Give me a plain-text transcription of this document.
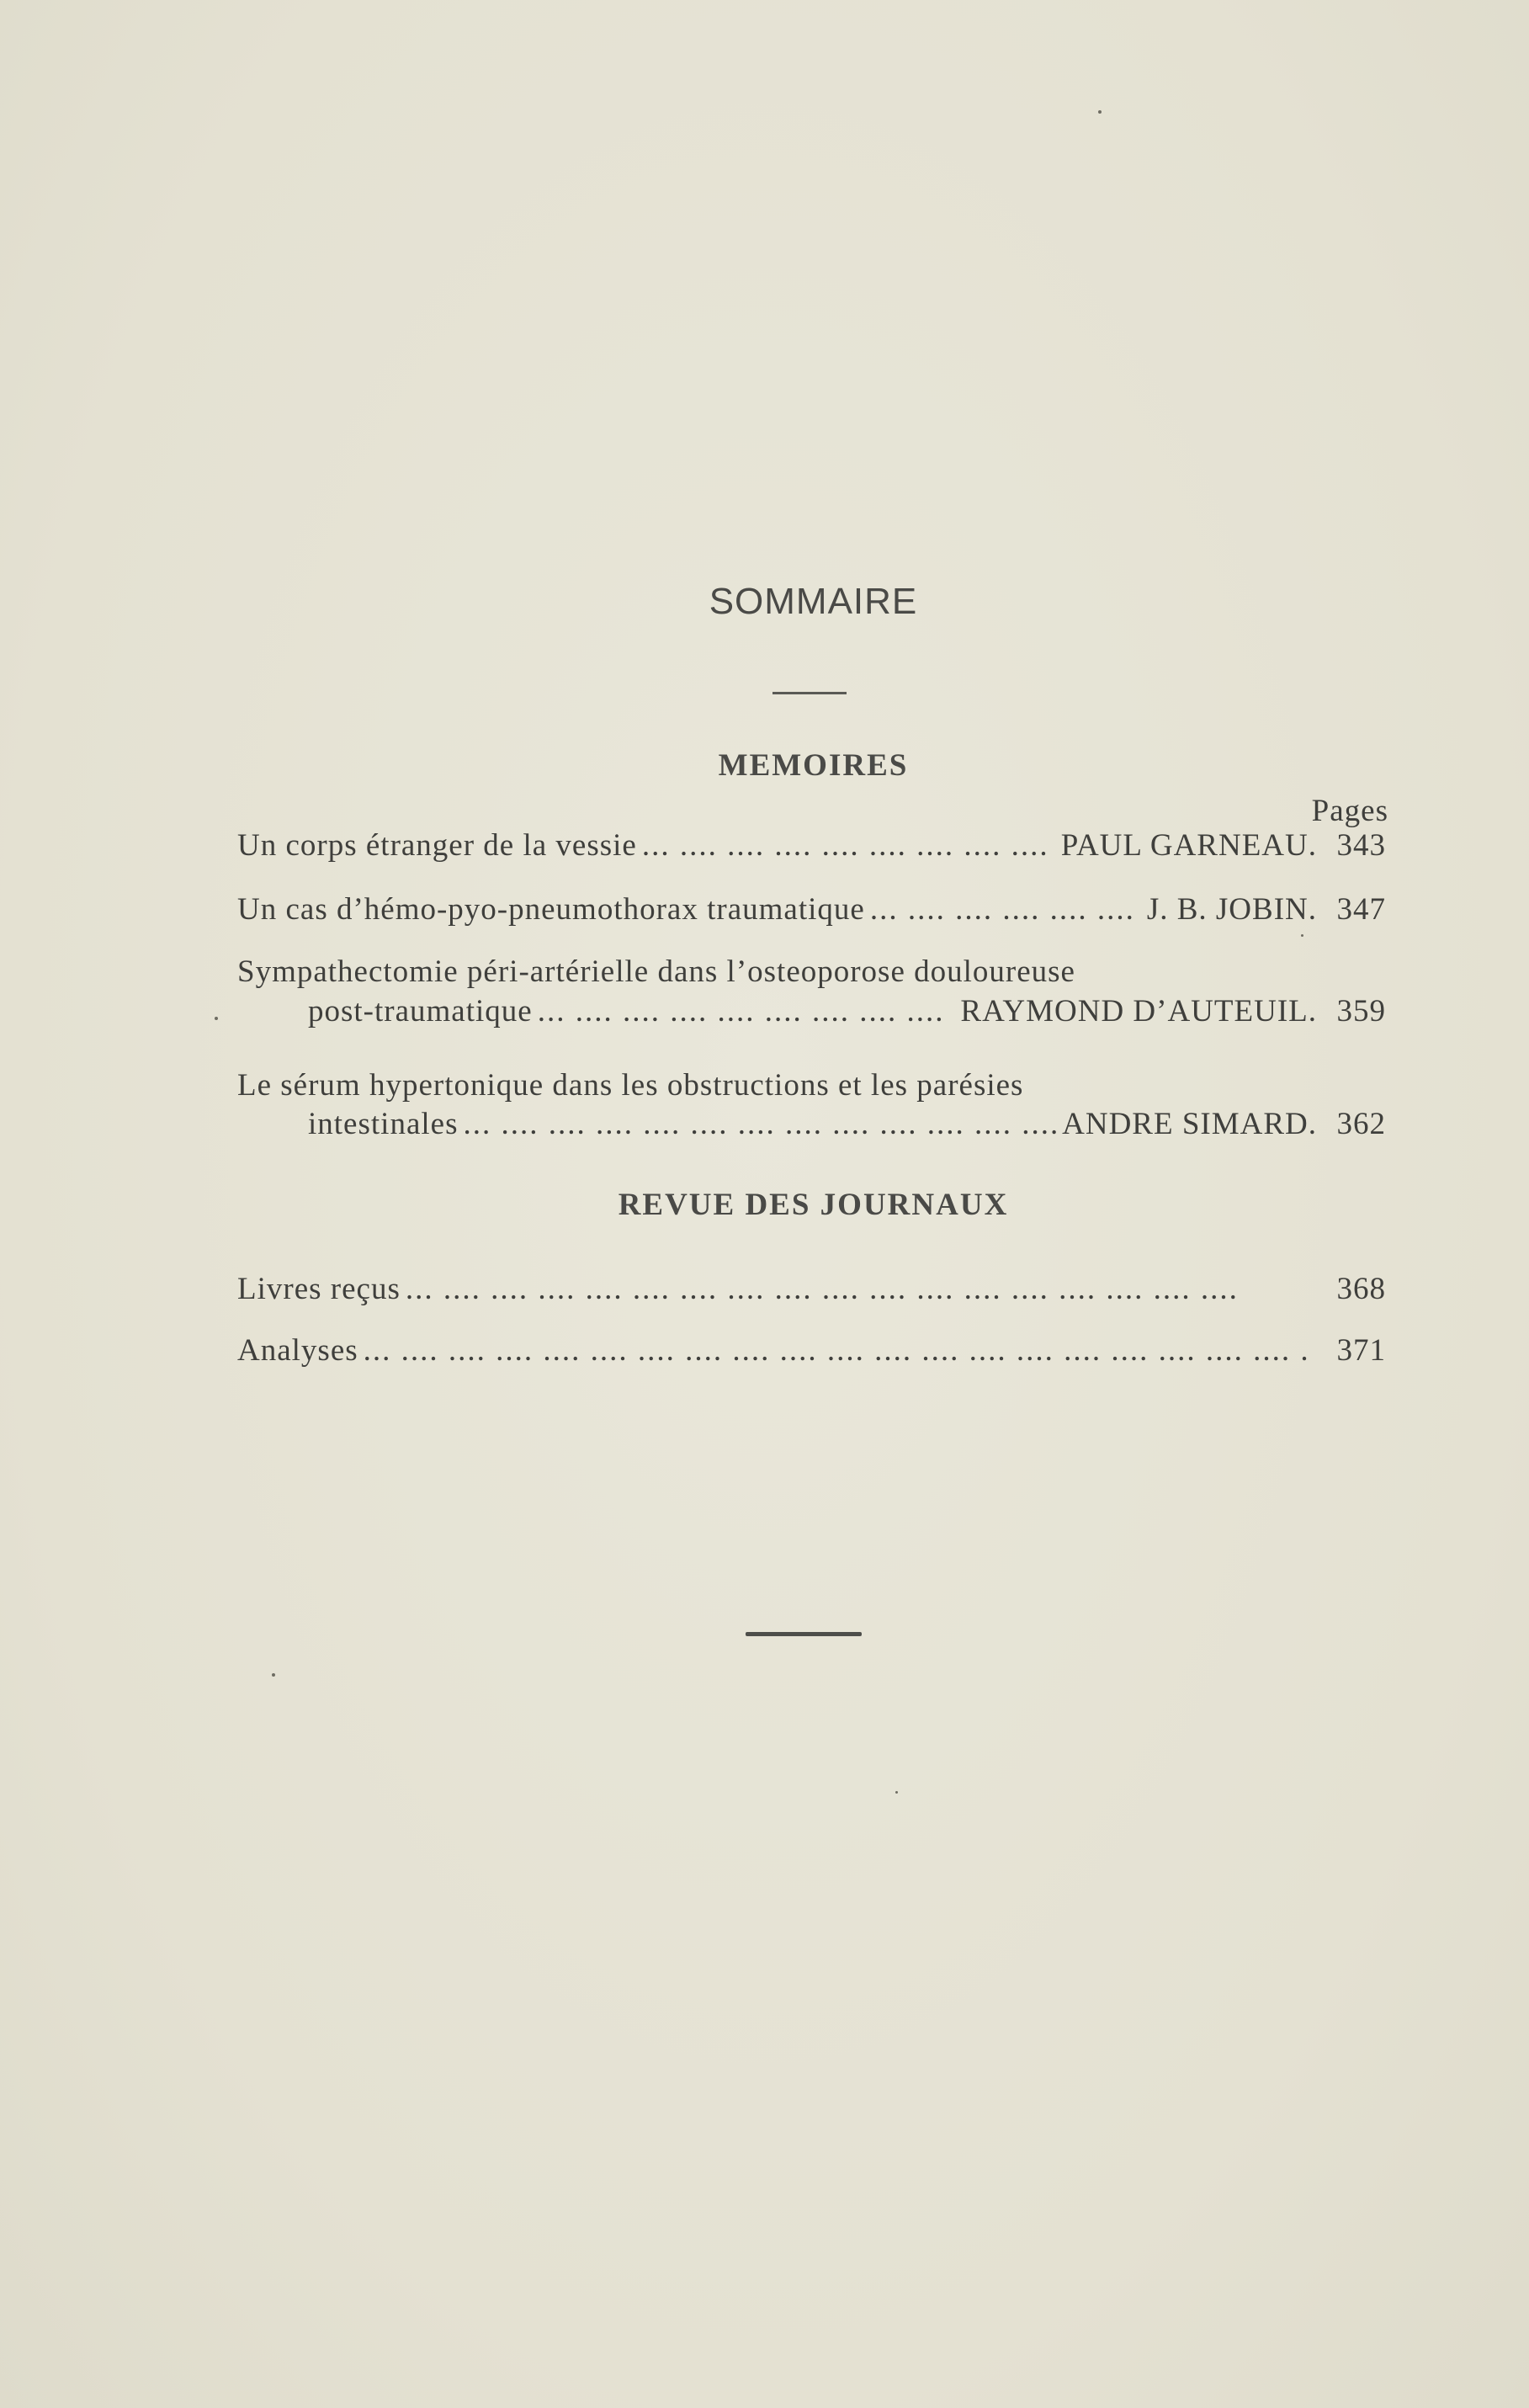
SOMMAIRE
MEMOIRES
Pages
Un corps étranger de la vessie ... .	PAUL GARNEAU. 343
Un cas d’hémo-pyo-pneumothorax traumatique ... .	J. B. JOBIN. 347
Sympathectomie péri-artérielle dans l’osteoporose douloureuse
post-traumatique ... .	RAYMOND D’AUTEUIL. 359
Le sérum hypertonique dans les obstructions et les parésies
intestinales ... .	ANDRE SIMARD. 362
REVUE DES JOURNAUX
Livres reçus ... .	368
Analyses ... .	371
